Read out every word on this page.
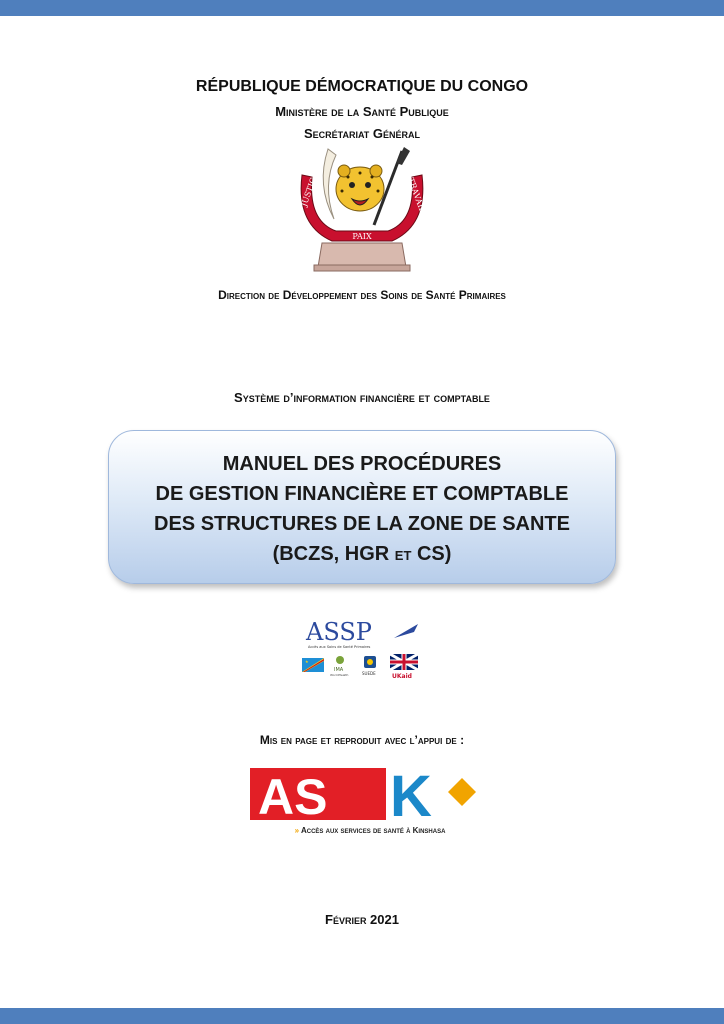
RÉPUBLIQUE DÉMOCRATIQUE DU CONGO
Ministère de la Santé Publique
Secrétariat Général
JUSTICE
PAIX
TRAVAIL
Direction de Développement des Soins de Santé Primaires
Système d’information financière et comptable
MANUEL DES PROCÉDURES
DE GESTION FINANCIÈRE ET COMPTABLE
DES STRUCTURES DE LA ZONE DE SANTE
(BCZS, HGR ET CS)
ASSP
Accès aux Soins de Santé Primaires
★
IMA
WorldHealth	SUEDE	UKaid
Mis en page et reproduit avec l’appui de :
AS K
» Accès aux services de santé à Kinshasa
Février 2021
